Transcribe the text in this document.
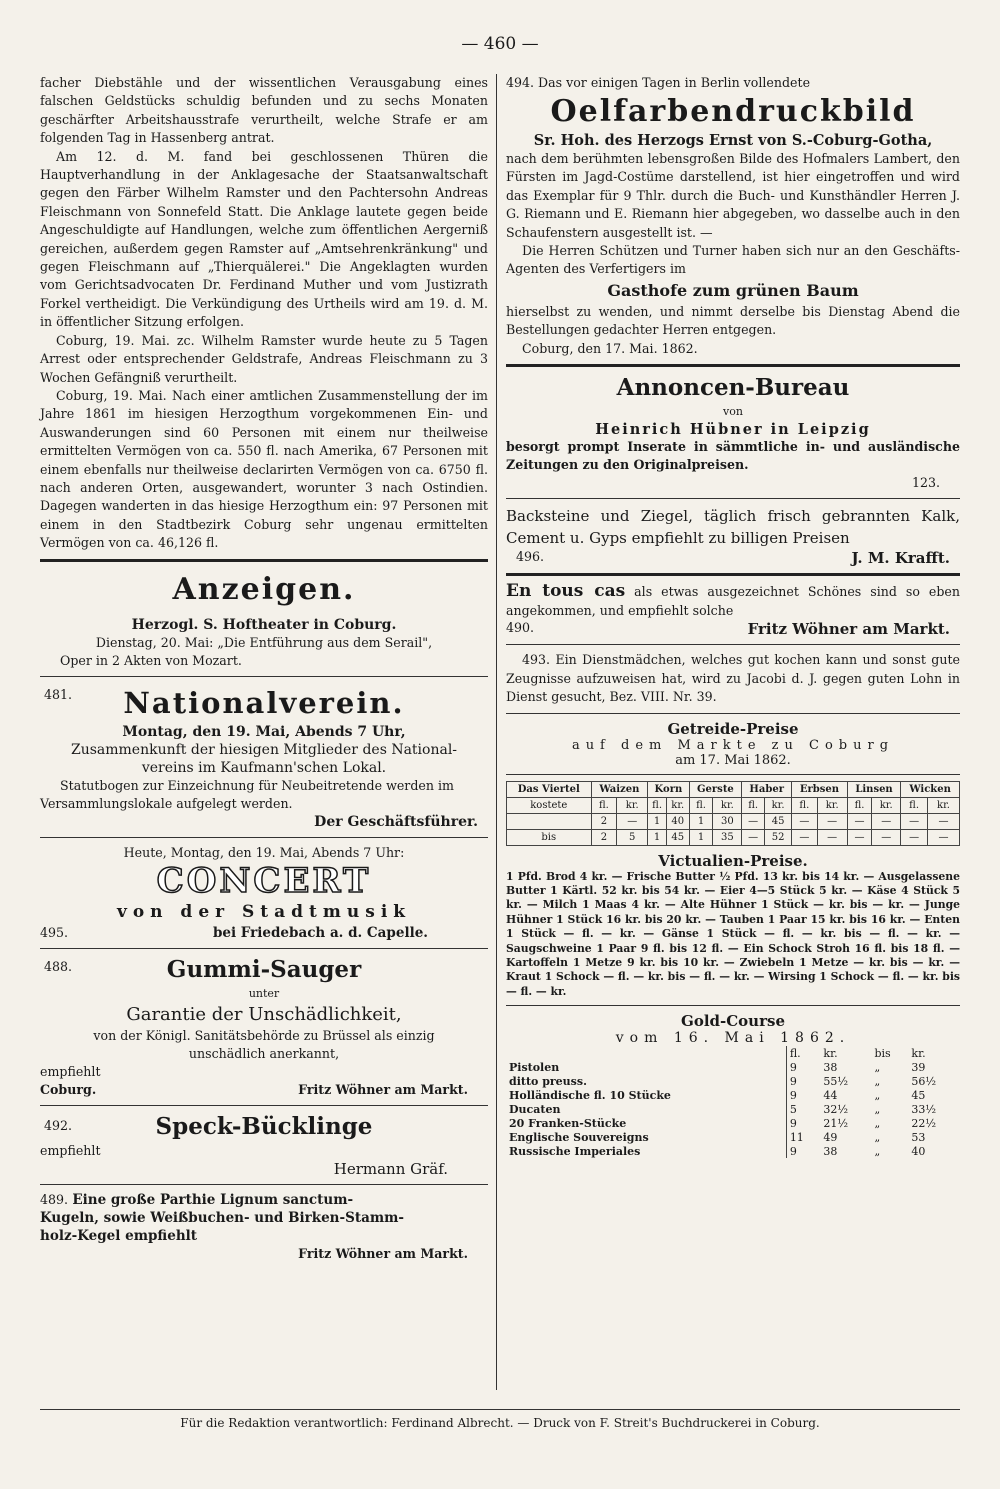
— 460 —

facher Diebstähle und der wissentlichen Verausgabung eines falschen Geldstücks schuldig befunden und zu sechs Monaten geschärfter Arbeitshausstrafe verurtheilt, welche Strafe er am folgenden Tag in Hassenberg antrat.

Am 12. d. M. fand bei geschlossenen Thüren die Hauptverhandlung in der Anklagesache der Staatsanwaltschaft gegen den Färber Wilhelm Ramster und den Pachtersohn Andreas Fleischmann von Sonnefeld Statt. Die Anklage lautete gegen beide Angeschuldigte auf Handlungen, welche zum öffentlichen Aergerniß gereichen, außerdem gegen Ramster auf „Amtsehrenkränkung" und gegen Fleischmann auf „Thierquälerei." Die Angeklagten wurden vom Gerichtsadvocaten Dr. Ferdinand Muther und vom Justizrath Forkel vertheidigt. Die Verkündigung des Urtheils wird am 19. d. M. in öffentlicher Sitzung erfolgen.

Coburg, 19. Mai. zc. Wilhelm Ramster wurde heute zu 5 Tagen Arrest oder entsprechender Geldstrafe, Andreas Fleischmann zu 3 Wochen Gefängniß verurtheilt.

Coburg, 19. Mai. Nach einer amtlichen Zusammenstellung der im Jahre 1861 im hiesigen Herzogthum vorgekommenen Ein- und Auswanderungen sind 60 Personen mit einem nur theilweise ermittelten Vermögen von ca. 550 fl. nach Amerika, 67 Personen mit einem ebenfalls nur theilweise declarirten Vermögen von ca. 6750 fl. nach anderen Orten, ausgewandert, worunter 3 nach Ostindien. Dagegen wanderten in das hiesige Herzogthum ein: 97 Personen mit einem in den Stadtbezirk Coburg sehr ungenau ermittelten Vermögen von ca. 46,126 fl.

Anzeigen.
Herzogl. S. Hoftheater in Coburg.
Dienstag, 20. Mai: „Die Entführung aus dem Serail",
Oper in 2 Akten von Mozart.
481.	Nationalverein.
Montag, den 19. Mai, Abends 7 Uhr,
Zusammenkunft der hiesigen Mitglieder des National-
vereins im Kaufmann'schen Lokal.
Statutbogen zur Einzeichnung für Neubeitretende werden im Versammlungslokale aufgelegt werden.
Der Geschäftsführer.
Heute, Montag, den 19. Mai, Abends 7 Uhr:
CONCERT
von der Stadtmusik
495.	bei Friedebach a. d. Capelle.
488.	Gummi-Sauger
unter
Garantie der Unschädlichkeit,
von der Königl. Sanitätsbehörde zu Brüssel als einzig
unschädlich anerkannt,
empfiehlt
Coburg.	Fritz Wöhner am Markt.
492.	Speck-Bücklinge
empfiehlt
Hermann Gräf.
489. Eine große Parthie Lignum sanctum-
Kugeln, sowie Weißbuchen- und Birken-Stamm-
holz-Kegel empfiehlt
Fritz Wöhner am Markt.
494. Das vor einigen Tagen in Berlin vollendete
Oelfarbendruckbild
Sr. Hoh. des Herzogs Ernst von S.-Coburg-Gotha,

nach dem berühmten lebensgroßen Bilde des Hofmalers Lambert, den Fürsten im Jagd-Costüme darstellend, ist hier eingetroffen und wird das Exemplar für 9 Thlr. durch die Buch- und Kunsthändler Herren J. G. Riemann und E. Riemann hier abgegeben, wo dasselbe auch in den Schaufenstern ausgestellt ist. —

Die Herren Schützen und Turner haben sich nur an den Geschäfts-Agenten des Verfertigers im

Gasthofe zum grünen Baum

hierselbst zu wenden, und nimmt derselbe bis Dienstag Abend die Bestellungen gedachter Herren entgegen.

Coburg, den 17. Mai. 1862.
Annoncen-Bureau
von
Heinrich Hübner in Leipzig

besorgt prompt Inserate in sämmtliche in- und ausländische Zeitungen zu den Originalpreisen.

123.

Backsteine und Ziegel, täglich frisch gebrannten Kalk, Cement u. Gyps empfiehlt zu billigen Preisen

496.	J. M. Krafft.

En tous cas als etwas ausgezeichnet Schönes sind so eben angekommen, und empfiehlt solche

490.	Fritz Wöhner am Markt.

493. Ein Dienstmädchen, welches gut kochen kann und sonst gute Zeugnisse aufzuweisen hat, wird zu Jacobi d. J. gegen guten Lohn in Dienst gesucht, Bez. VIII. Nr. 39.

Getreide-Preise
auf dem Markte zu Coburg
am 17. Mai 1862.
Das Viertel	Waizen		Korn		Gerste		Haber		Erbsen		Linsen		Wicken	
kostete	fl.	kr.	fl.	kr.	fl.	kr.	fl.	kr.	fl.	kr.	fl.	kr.	fl.	kr.
	2	—	1	40	1	30	—	45	—	—	—	—	—	—
bis	2	5	1	45	1	35	—	52	—	—	—	—	—	—
Victualien-Preise.

1 Pfd. Brod 4 kr. — Frische Butter ½ Pfd. 13 kr. bis 14 kr. — Ausgelassene Butter 1 Kärtl. 52 kr. bis 54 kr. — Eier 4—5 Stück 5 kr. — Käse 4 Stück 5 kr. — Milch 1 Maas 4 kr. — Alte Hühner 1 Stück — kr. bis — kr. — Junge Hühner 1 Stück 16 kr. bis 20 kr. — Tauben 1 Paar 15 kr. bis 16 kr. — Enten 1 Stück — fl. — kr. — Gänse 1 Stück — fl. — kr. bis — fl. — kr. — Saugschweine 1 Paar 9 fl. bis 12 fl. — Ein Schock Stroh 16 fl. bis 18 fl. — Kartoffeln 1 Metze 9 kr. bis 10 kr. — Zwiebeln 1 Metze — kr. bis — kr. — Kraut 1 Schock — fl. — kr. bis — fl. — kr. — Wirsing 1 Schock — fl. — kr. bis — fl. — kr.

Gold-Course
vom 16. Mai 1862.
	fl.	kr.	bis	kr.
Pistolen	9	38	„	39
ditto preuss.	9	55½	„	56½
Holländische fl. 10 Stücke	9	44	„	45
Ducaten	5	32½	„	33½
20 Franken-Stücke	9	21½	„	22½
Englische Souvereigns	11	49	„	53
Russische Imperiales	9	38	„	40
Für die Redaktion verantwortlich: Ferdinand Albrecht. — Druck von F. Streit's Buchdruckerei in Coburg.
